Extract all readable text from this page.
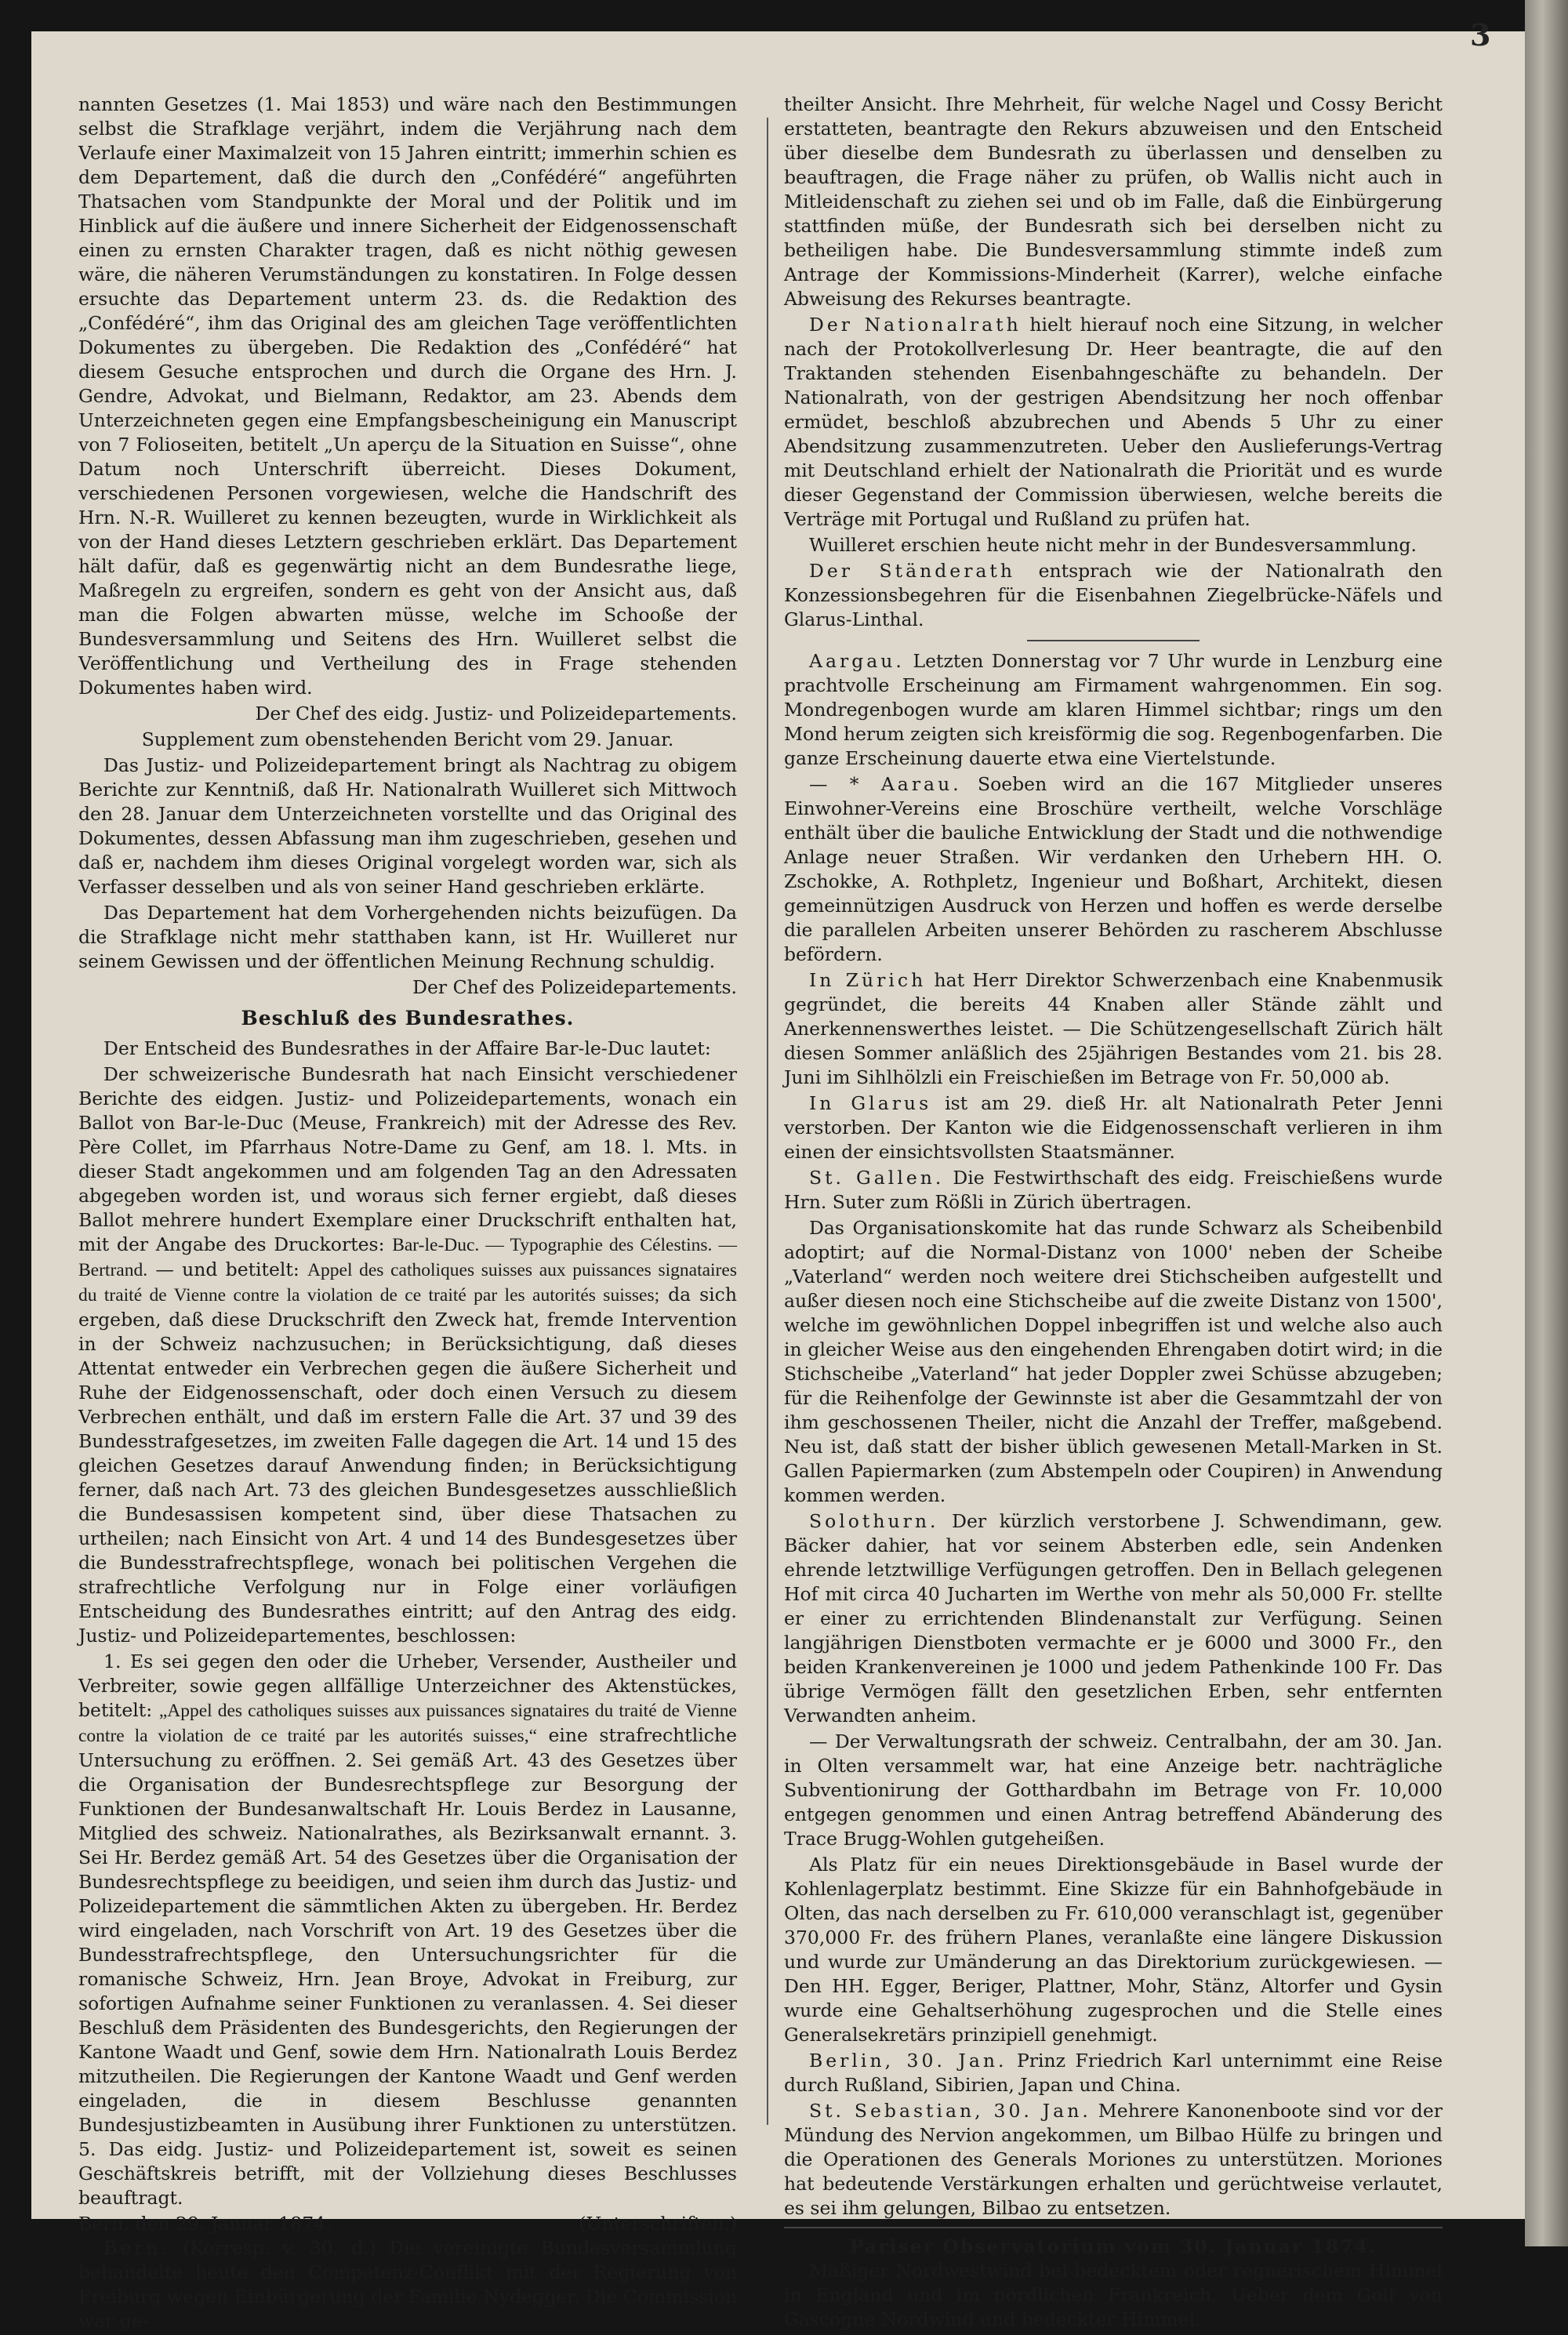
nannten Gesetzes (1. Mai 1853) und wäre nach den Bestimmungen selbst die Strafklage verjährt, indem die Verjährung nach dem Verlaufe einer Maximalzeit von 15 Jahren eintritt; immerhin schien es dem Departement, daß die durch den „Confédéré“ angeführten Thatsachen vom Standpunkte der Moral und der Politik und im Hinblick auf die äußere und innere Sicherheit der Eidgenossenschaft einen zu ernsten Charakter tragen, daß es nicht nöthig gewesen wäre, die näheren Verumständungen zu konstatiren. In Folge dessen ersuchte das Departement unterm 23. ds. die Redaktion des „Confédéré“, ihm das Original des am gleichen Tage veröffentlichten Dokumentes zu übergeben. Die Redaktion des „Confédéré“ hat diesem Gesuche entsprochen und durch die Organe des Hrn. J. Gendre, Advokat, und Bielmann, Redaktor, am 23. Abends dem Unterzeichneten gegen eine Empfangsbescheinigung ein Manuscript von 7 Folioseiten, betitelt „Un aperçu de la Situation en Suisse“, ohne Datum noch Unterschrift überreicht. Dieses Dokument, verschiedenen Personen vorgewiesen, welche die Handschrift des Hrn. N.-R. Wuilleret zu kennen bezeugten, wurde in Wirklichkeit als von der Hand dieses Letztern geschrieben erklärt. Das Departement hält dafür, daß es gegenwärtig nicht an dem Bundesrathe liege, Maßregeln zu ergreifen, sondern es geht von der Ansicht aus, daß man die Folgen abwarten müsse, welche im Schooße der Bundesversammlung und Seitens des Hrn. Wuilleret selbst die Veröffentlichung und Vertheilung des in Frage stehenden Dokumentes haben wird.

Der Chef des eidg. Justiz- und Polizeidepartements.

Supplement zum obenstehenden Bericht vom 29. Januar.

Das Justiz- und Polizeidepartement bringt als Nachtrag zu obigem Berichte zur Kenntniß, daß Hr. Nationalrath Wuilleret sich Mittwoch den 28. Januar dem Unterzeichneten vorstellte und das Original des Dokumentes, dessen Abfassung man ihm zugeschrieben, gesehen und daß er, nachdem ihm dieses Original vorgelegt worden war, sich als Verfasser desselben und als von seiner Hand geschrieben erklärte.

Das Departement hat dem Vorhergehenden nichts beizufügen. Da die Strafklage nicht mehr statthaben kann, ist Hr. Wuilleret nur seinem Gewissen und der öffentlichen Meinung Rechnung schuldig.

Der Chef des Polizeidepartements.

Beschluß des Bundesrathes.

Der Entscheid des Bundesrathes in der Affaire Bar-le-Duc lautet:

Der schweizerische Bundesrath hat nach Einsicht verschiedener Berichte des eidgen. Justiz- und Polizeidepartements, wonach ein Ballot von Bar-le-Duc (Meuse, Frankreich) mit der Adresse des Rev. Père Collet, im Pfarrhaus Notre-Dame zu Genf, am 18. l. Mts. in dieser Stadt angekommen und am folgenden Tag an den Adressaten abgegeben worden ist, und woraus sich ferner ergiebt, daß dieses Ballot mehrere hundert Exemplare einer Druckschrift enthalten hat, mit der Angabe des Druckortes: Bar-le-Duc. — Typographie des Célestins. — Bertrand. — und betitelt: Appel des catholiques suisses aux puissances signataires du traité de Vienne contre la violation de ce traité par les autorités suisses; da sich ergeben, daß diese Druckschrift den Zweck hat, fremde Intervention in der Schweiz nachzusuchen; in Berücksichtigung, daß dieses Attentat entweder ein Verbrechen gegen die äußere Sicherheit und Ruhe der Eidgenossenschaft, oder doch einen Versuch zu diesem Verbrechen enthält, und daß im erstern Falle die Art. 37 und 39 des Bundesstrafgesetzes, im zweiten Falle dagegen die Art. 14 und 15 des gleichen Gesetzes darauf Anwendung finden; in Berücksichtigung ferner, daß nach Art. 73 des gleichen Bundesgesetzes ausschließlich die Bundesassisen kompetent sind, über diese Thatsachen zu urtheilen; nach Einsicht von Art. 4 und 14 des Bundesgesetzes über die Bundesstrafrechtspflege, wonach bei politischen Vergehen die strafrechtliche Verfolgung nur in Folge einer vorläufigen Entscheidung des Bundesrathes eintritt; auf den Antrag des eidg. Justiz- und Polizeidepartementes, beschlossen:

1. Es sei gegen den oder die Urheber, Versender, Austheiler und Verbreiter, sowie gegen allfällige Unterzeichner des Aktenstückes, betitelt: „Appel des catholiques suisses aux puissances signataires du traité de Vienne contre la violation de ce traité par les autorités suisses,“ eine strafrechtliche Untersuchung zu eröffnen. 2. Sei gemäß Art. 43 des Gesetzes über die Organisation der Bundesrechtspflege zur Besorgung der Funktionen der Bundesanwaltschaft Hr. Louis Berdez in Lausanne, Mitglied des schweiz. Nationalrathes, als Bezirksanwalt ernannt. 3. Sei Hr. Berdez gemäß Art. 54 des Gesetzes über die Organisation der Bundesrechtspflege zu beeidigen, und seien ihm durch das Justiz- und Polizeidepartement die sämmtlichen Akten zu übergeben. Hr. Berdez wird eingeladen, nach Vorschrift von Art. 19 des Gesetzes über die Bundesstrafrechtspflege, den Untersuchungsrichter für die romanische Schweiz, Hrn. Jean Broye, Advokat in Freiburg, zur sofortigen Aufnahme seiner Funktionen zu veranlassen. 4. Sei dieser Beschluß dem Präsidenten des Bundesgerichts, den Regierungen der Kantone Waadt und Genf, sowie dem Hrn. Nationalrath Louis Berdez mitzutheilen. Die Regierungen der Kantone Waadt und Genf werden eingeladen, die in diesem Beschlusse genannten Bundesjustizbeamten in Ausübung ihrer Funktionen zu unterstützen. 5. Das eidg. Justiz- und Polizeidepartement ist, soweit es seinen Geschäftskreis betrifft, mit der Vollziehung dieses Beschlusses beauftragt.

Bern, den 29. Januar 1874.	(Unterschriften.)

Bern. (Korresp. v. 30. d.) Die vereinigte Bundesversammlung behandelte heute den Competenz-Conflikt mit der Regierung von Freiburg wegen Einbürgerung der Familie Nydegger. Die Commission war ge-

theilter Ansicht. Ihre Mehrheit, für welche Nagel und Cossy Bericht erstatteten, beantragte den Rekurs abzuweisen und den Entscheid über dieselbe dem Bundesrath zu überlassen und denselben zu beauftragen, die Frage näher zu prüfen, ob Wallis nicht auch in Mitleidenschaft zu ziehen sei und ob im Falle, daß die Einbürgerung stattfinden müße, der Bundesrath sich bei derselben nicht zu betheiligen habe. Die Bundesversammlung stimmte indeß zum Antrage der Kommissions-Minderheit (Karrer), welche einfache Abweisung des Rekurses beantragte.

Der Nationalrath hielt hierauf noch eine Sitzung, in welcher nach der Protokollverlesung Dr. Heer beantragte, die auf den Traktanden stehenden Eisenbahngeschäfte zu behandeln. Der Nationalrath, von der gestrigen Abendsitzung her noch offenbar ermüdet, beschloß abzubrechen und Abends 5 Uhr zu einer Abendsitzung zusammenzutreten. Ueber den Auslieferungs-Vertrag mit Deutschland erhielt der Nationalrath die Priorität und es wurde dieser Gegenstand der Commission überwiesen, welche bereits die Verträge mit Portugal und Rußland zu prüfen hat.

Wuilleret erschien heute nicht mehr in der Bundesversammlung.

Der Ständerath entsprach wie der Nationalrath den Konzessionsbegehren für die Eisenbahnen Ziegelbrücke-Näfels und Glarus-Linthal.

Aargau. Letzten Donnerstag vor 7 Uhr wurde in Lenzburg eine prachtvolle Erscheinung am Firmament wahrgenommen. Ein sog. Mondregenbogen wurde am klaren Himmel sichtbar; rings um den Mond herum zeigten sich kreisförmig die sog. Regenbogenfarben. Die ganze Erscheinung dauerte etwa eine Viertelstunde.

— * Aarau. Soeben wird an die 167 Mitglieder unseres Einwohner-Vereins eine Broschüre vertheilt, welche Vorschläge enthält über die bauliche Entwicklung der Stadt und die nothwendige Anlage neuer Straßen. Wir verdanken den Urhebern HH. O. Zschokke, A. Rothpletz, Ingenieur und Boßhart, Architekt, diesen gemeinnützigen Ausdruck von Herzen und hoffen es werde derselbe die parallelen Arbeiten unserer Behörden zu rascherem Abschlusse befördern.

In Zürich hat Herr Direktor Schwerzenbach eine Knabenmusik gegründet, die bereits 44 Knaben aller Stände zählt und Anerkennenswerthes leistet. — Die Schützengesellschaft Zürich hält diesen Sommer anläßlich des 25jährigen Bestandes vom 21. bis 28. Juni im Sihlhölzli ein Freischießen im Betrage von Fr. 50,000 ab.

In Glarus ist am 29. dieß Hr. alt Nationalrath Peter Jenni verstorben. Der Kanton wie die Eidgenossenschaft verlieren in ihm einen der einsichtsvollsten Staatsmänner.

St. Gallen. Die Festwirthschaft des eidg. Freischießens wurde Hrn. Suter zum Rößli in Zürich übertragen.

Das Organisationskomite hat das runde Schwarz als Scheibenbild adoptirt; auf die Normal-Distanz von 1000' neben der Scheibe „Vaterland“ werden noch weitere drei Stichscheiben aufgestellt und außer diesen noch eine Stichscheibe auf die zweite Distanz von 1500', welche im gewöhnlichen Doppel inbegriffen ist und welche also auch in gleicher Weise aus den eingehenden Ehrengaben dotirt wird; in die Stichscheibe „Vaterland“ hat jeder Doppler zwei Schüsse abzugeben; für die Reihenfolge der Gewinnste ist aber die Gesammtzahl der von ihm geschossenen Theiler, nicht die Anzahl der Treffer, maßgebend. Neu ist, daß statt der bisher üblich gewesenen Metall-Marken in St. Gallen Papiermarken (zum Abstempeln oder Coupiren) in Anwendung kommen werden.

Solothurn. Der kürzlich verstorbene J. Schwendimann, gew. Bäcker dahier, hat vor seinem Absterben edle, sein Andenken ehrende letztwillige Verfügungen getroffen. Den in Bellach gelegenen Hof mit circa 40 Jucharten im Werthe von mehr als 50,000 Fr. stellte er einer zu errichtenden Blindenanstalt zur Verfügung. Seinen langjährigen Dienstboten vermachte er je 6000 und 3000 Fr., den beiden Krankenvereinen je 1000 und jedem Pathenkinde 100 Fr. Das übrige Vermögen fällt den gesetzlichen Erben, sehr entfernten Verwandten anheim.

— Der Verwaltungsrath der schweiz. Centralbahn, der am 30. Jan. in Olten versammelt war, hat eine Anzeige betr. nachträgliche Subventionirung der Gotthardbahn im Betrage von Fr. 10,000 entgegen genommen und einen Antrag betreffend Abänderung des Trace Brugg-Wohlen gutgeheißen.

Als Platz für ein neues Direktionsgebäude in Basel wurde der Kohlenlagerplatz bestimmt. Eine Skizze für ein Bahnhofgebäude in Olten, das nach derselben zu Fr. 610,000 veranschlagt ist, gegenüber 370,000 Fr. des frühern Planes, veranlaßte eine längere Diskussion und wurde zur Umänderung an das Direktorium zurückgewiesen. — Den HH. Egger, Beriger, Plattner, Mohr, Stänz, Altorfer und Gysin wurde eine Gehaltserhöhung zugesprochen und die Stelle eines Generalsekretärs prinzipiell genehmigt.

Berlin, 30. Jan. Prinz Friedrich Karl unternimmt eine Reise durch Rußland, Sibirien, Japan und China.

St. Sebastian, 30. Jan. Mehrere Kanonenboote sind vor der Mündung des Nervion angekommen, um Bilbao Hülfe zu bringen und die Operationen des Generals Moriones zu unterstützen. Moriones hat bedeutende Verstärkungen erhalten und gerüchtweise verlautet, es sei ihm gelungen, Bilbao zu entsetzen.

Pariser Observatorium vom 30. Januar 1874.

Mäßiger Nordwestwind bei bedecktem oder regnerischem Himmel in England und im nördlichen Frankreich. Ueber dem Golf von Gascogne Nordwind und bedeckter Himmel.

3
